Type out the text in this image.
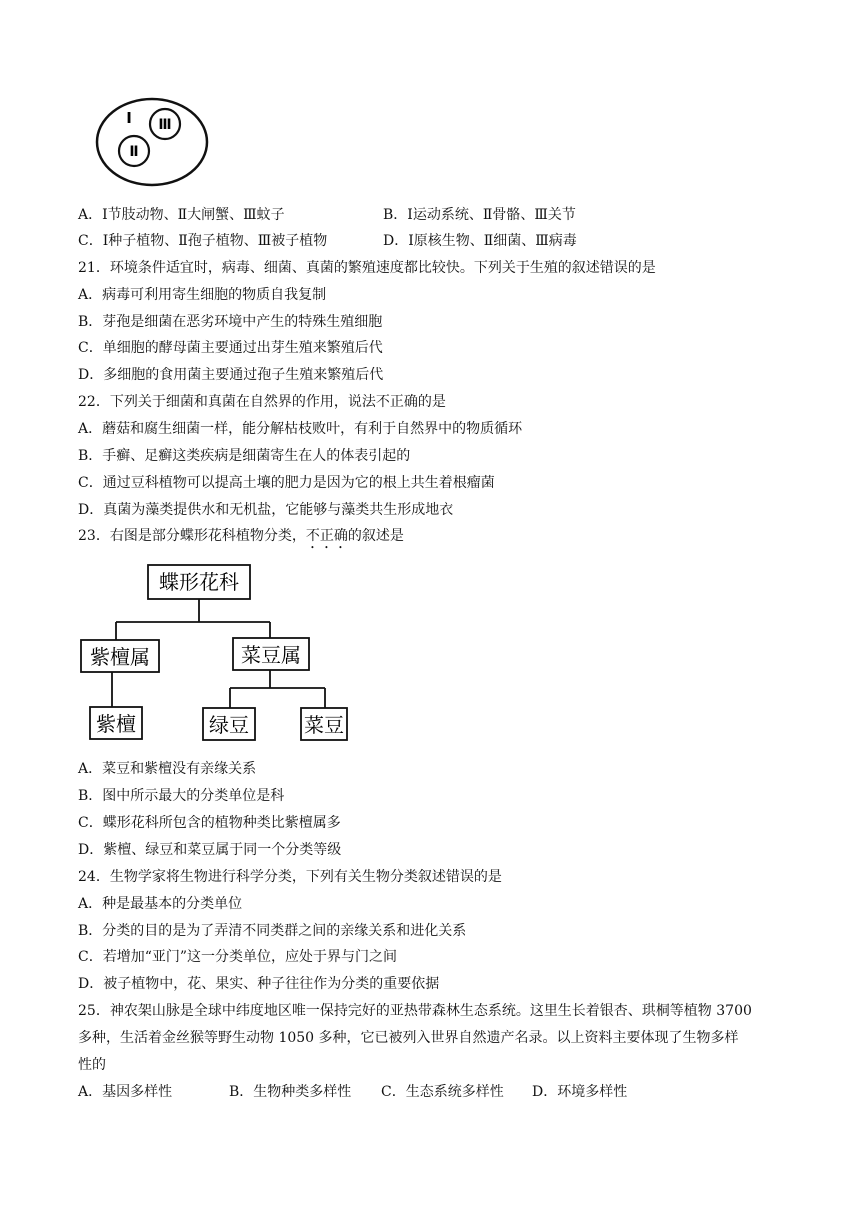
Ⅰ Ⅲ
Ⅱ
A．Ⅰ节肢动物、Ⅱ大闸蟹、Ⅲ蚊子	B．Ⅰ运动系统、Ⅱ骨骼、Ⅲ关节
C．Ⅰ种子植物、Ⅱ孢子植物、Ⅲ被子植物	D．Ⅰ原核生物、Ⅱ细菌、Ⅲ病毒
21．环境条件适宜时，病毒、细菌、真菌的繁殖速度都比较快。下列关于生殖的叙述错误的是
A．病毒可利用寄生细胞的物质自我复制
B．芽孢是细菌在恶劣环境中产生的特殊生殖细胞
C．单细胞的酵母菌主要通过出芽生殖来繁殖后代
D．多细胞的食用菌主要通过孢子生殖来繁殖后代
22．下列关于细菌和真菌在自然界的作用，说法不正确的是
A．蘑菇和腐生细菌一样，能分解枯枝败叶，有利于自然界中的物质循环
B．手癣、足癣这类疾病是细菌寄生在人的体表引起的
C．通过豆科植物可以提高土壤的肥力是因为它的根上共生着根瘤菌
D．真菌为藻类提供水和无机盐，它能够与藻类共生形成地衣
23．右图是部分蝶形花科植物分类，不正确的叙述是
蝶形花科
紫檀属	菜豆属
紫檀	绿豆	菜豆
A．菜豆和紫檀没有亲缘关系
B．图中所示最大的分类单位是科
C．蝶形花科所包含的植物种类比紫檀属多
D．紫檀、绿豆和菜豆属于同一个分类等级
24．生物学家将生物进行科学分类，下列有关生物分类叙述错误的是
A．种是最基本的分类单位
B．分类的目的是为了弄清不同类群之间的亲缘关系和进化关系
C．若增加“亚门”这一分类单位，应处于界与门之间
D．被子植物中，花、果实、种子往往作为分类的重要依据
25．神农架山脉是全球中纬度地区唯一保持完好的亚热带森林生态系统。这里生长着银杏、珙桐等植物 3700
多种，生活着金丝猴等野生动物 1050 多种，它已被列入世界自然遗产名录。以上资料主要体现了生物多样
性的
A．基因多样性	B．生物种类多样性 C．生态系统多样性 D．环境多样性
